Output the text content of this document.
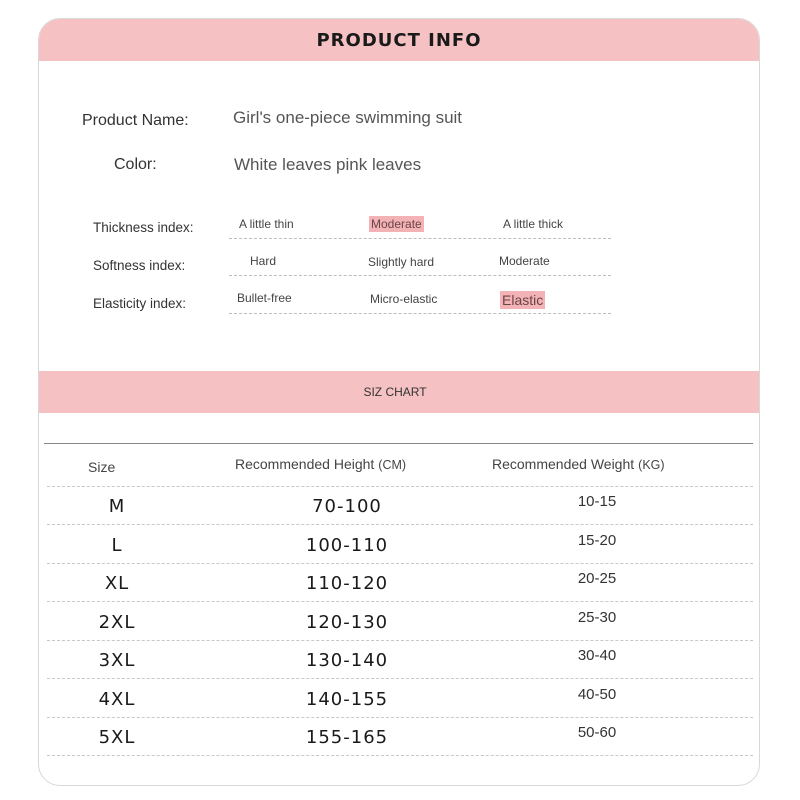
PRODUCT INFO
Product Name:	Girl's one-piece swimming suit
Color:	White leaves pink leaves
Thickness index:	A little thin	Moderate	A little thick
Softness index:	Hard	Slightly hard	Moderate
Elasticity index:	Bullet-free	Micro-elastic	Elastic
SIZ CHART
Size	Recommended Height (CM)	Recommended Weight (KG)
M	70-100	10-15
L	100-110	15-20
XL	110-120	20-25
2XL	120-130	25-30
3XL	130-140	30-40
4XL	140-155	40-50
5XL	155-165	50-60
